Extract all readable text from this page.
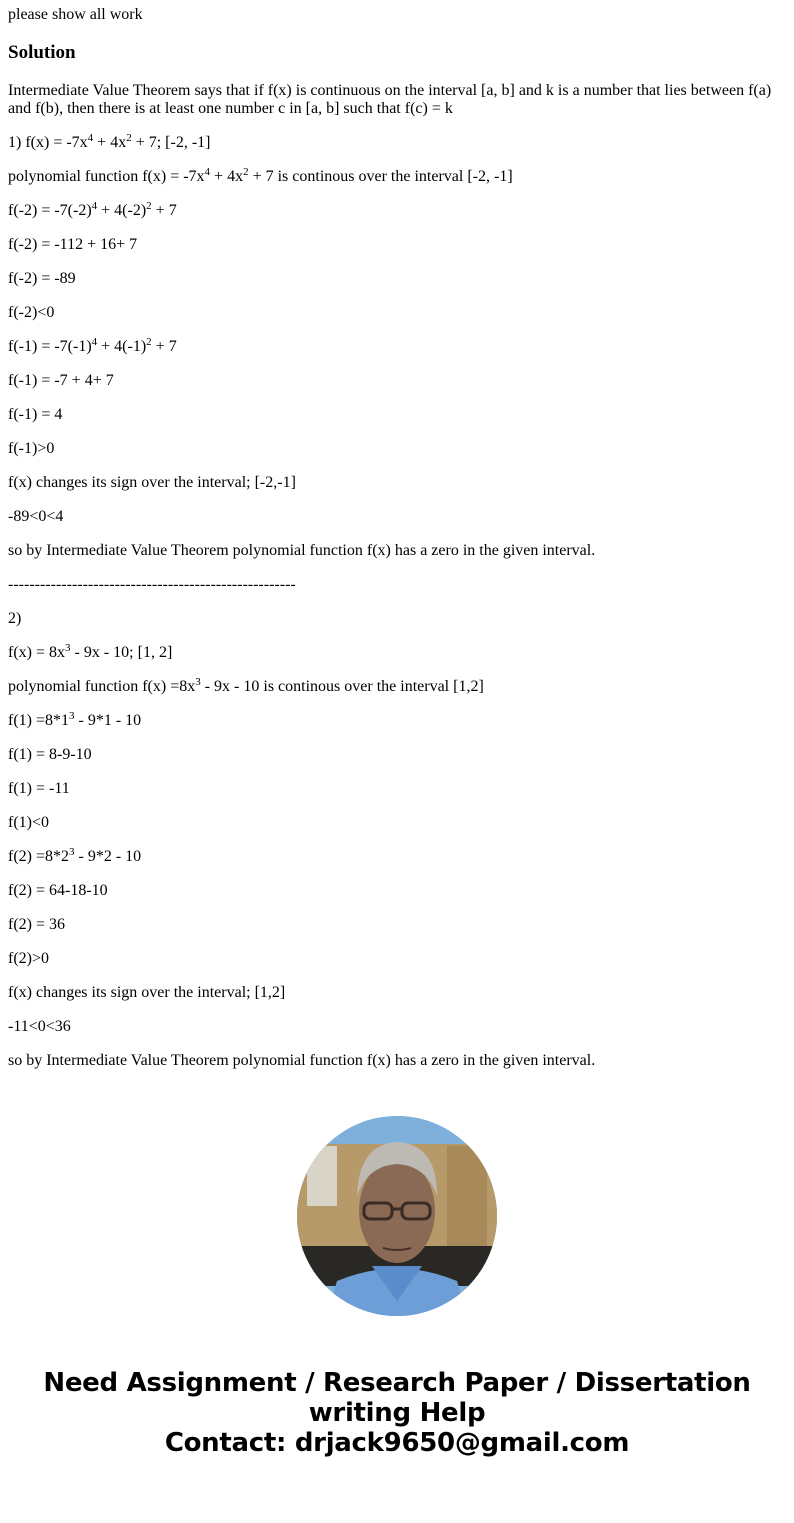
please show all work

Solution

Intermediate Value Theorem says that if f(x) is continuous on the interval [a, b] and k is a number that lies between f(a) and f(b), then there is at least one number c in [a, b] such that f(c) = k

1) $f(x) = -7x^4 + 4x^2 + 7$; [-2, -1]

polynomial function $f(x) = -7x^4 + 4x^2 + 7$ is continous over the interval [-2, -1]

$f(-2) = -7(-2)^4 + 4(-2)^2 + 7$

f(-2) = -112 + 16+ 7

f(-2) = -89

f(-2)<0

$f(-1) = -7(-1)^4 + 4(-1)^2 + 7$

f(-1) = -7 + 4+ 7

f(-1) = 4

f(-1)>0

f(x) changes its sign over the interval; [-2,-1]

-89<0<4

so by Intermediate Value Theorem polynomial function f(x) has a zero in the given interval.

------------------------------------------------------

2)

$f(x) = 8x^3 - 9x - 10$; [1, 2]

polynomial function $f(x) =8x^3 - 9x - 10$ is continous over the interval [1,2]

$f(1) =8*1^3 - 9*1 - 10$

f(1) = 8-9-10

f(1) = -11

f(1)<0

$f(2) =8*2^3 - 9*2 - 10$

f(2) = 64-18-10

f(2) = 36

f(2)>0

f(x) changes its sign over the interval; [1,2]

-11<0<36

so by Intermediate Value Theorem polynomial function f(x) has a zero in the given interval.

Need Assignment / Research Paper / Dissertation
writing Help
Contact: drjack9650@gmail.com
